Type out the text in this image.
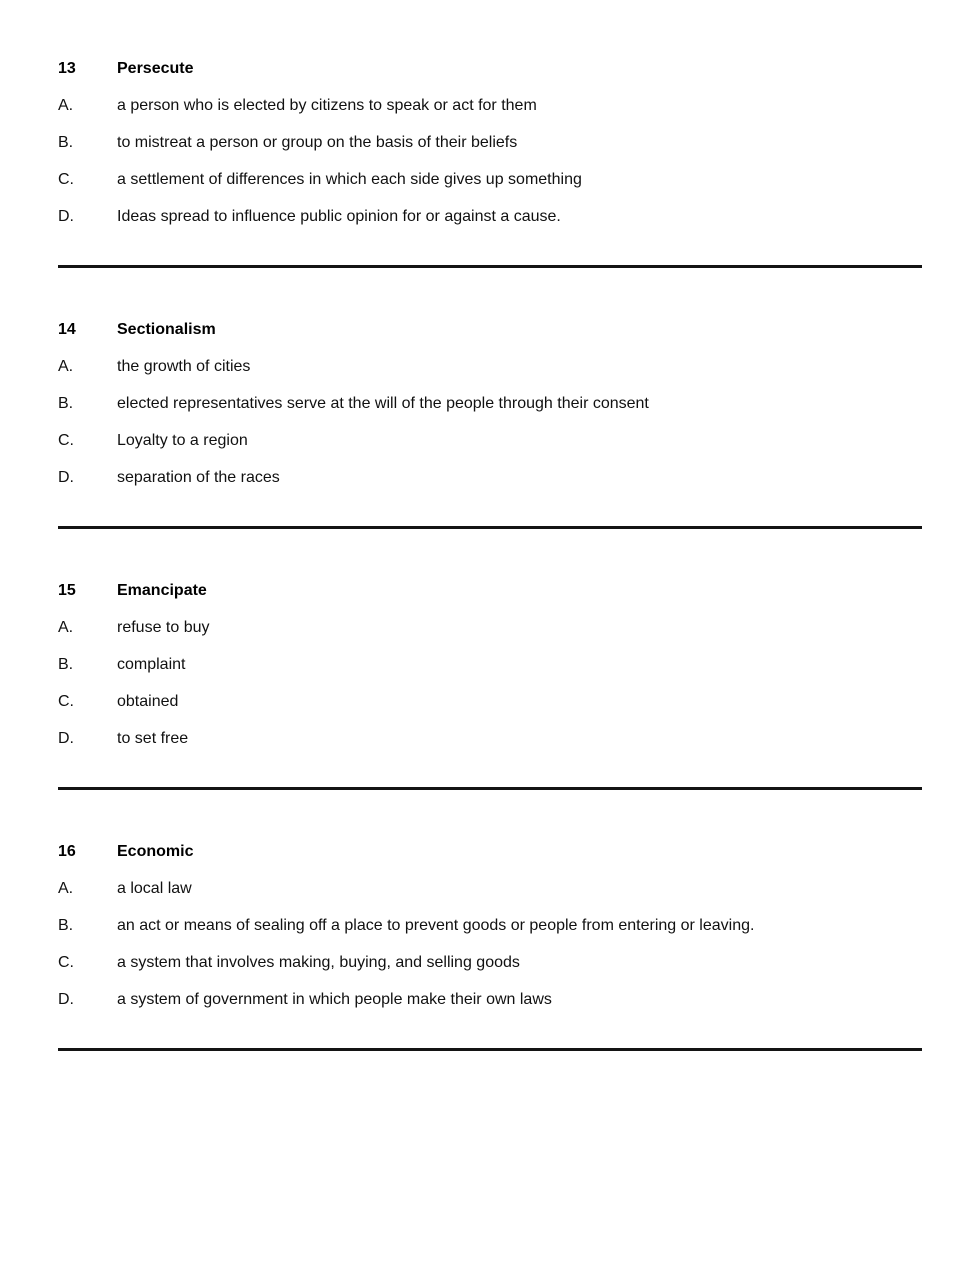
13	Persecute
A.	a person who is elected by citizens to speak or act for them
B.	to mistreat a person or group on the basis of their beliefs
C.	a settlement of differences in which each side gives up something
D.	Ideas spread to influence public opinion for or against a cause.
14	Sectionalism
A.	the growth of cities
B.	elected representatives serve at the will of the people through their consent
C.	Loyalty to a region
D.	separation of the races
15	Emancipate
A.	refuse to buy
B.	complaint
C.	obtained
D.	to set free
16	Economic
A.	a local law
B.	an act or means of sealing off a place to prevent goods or people from entering or leaving.
C.	a system that involves making, buying, and selling goods
D.	a system of government in which people make their own laws
